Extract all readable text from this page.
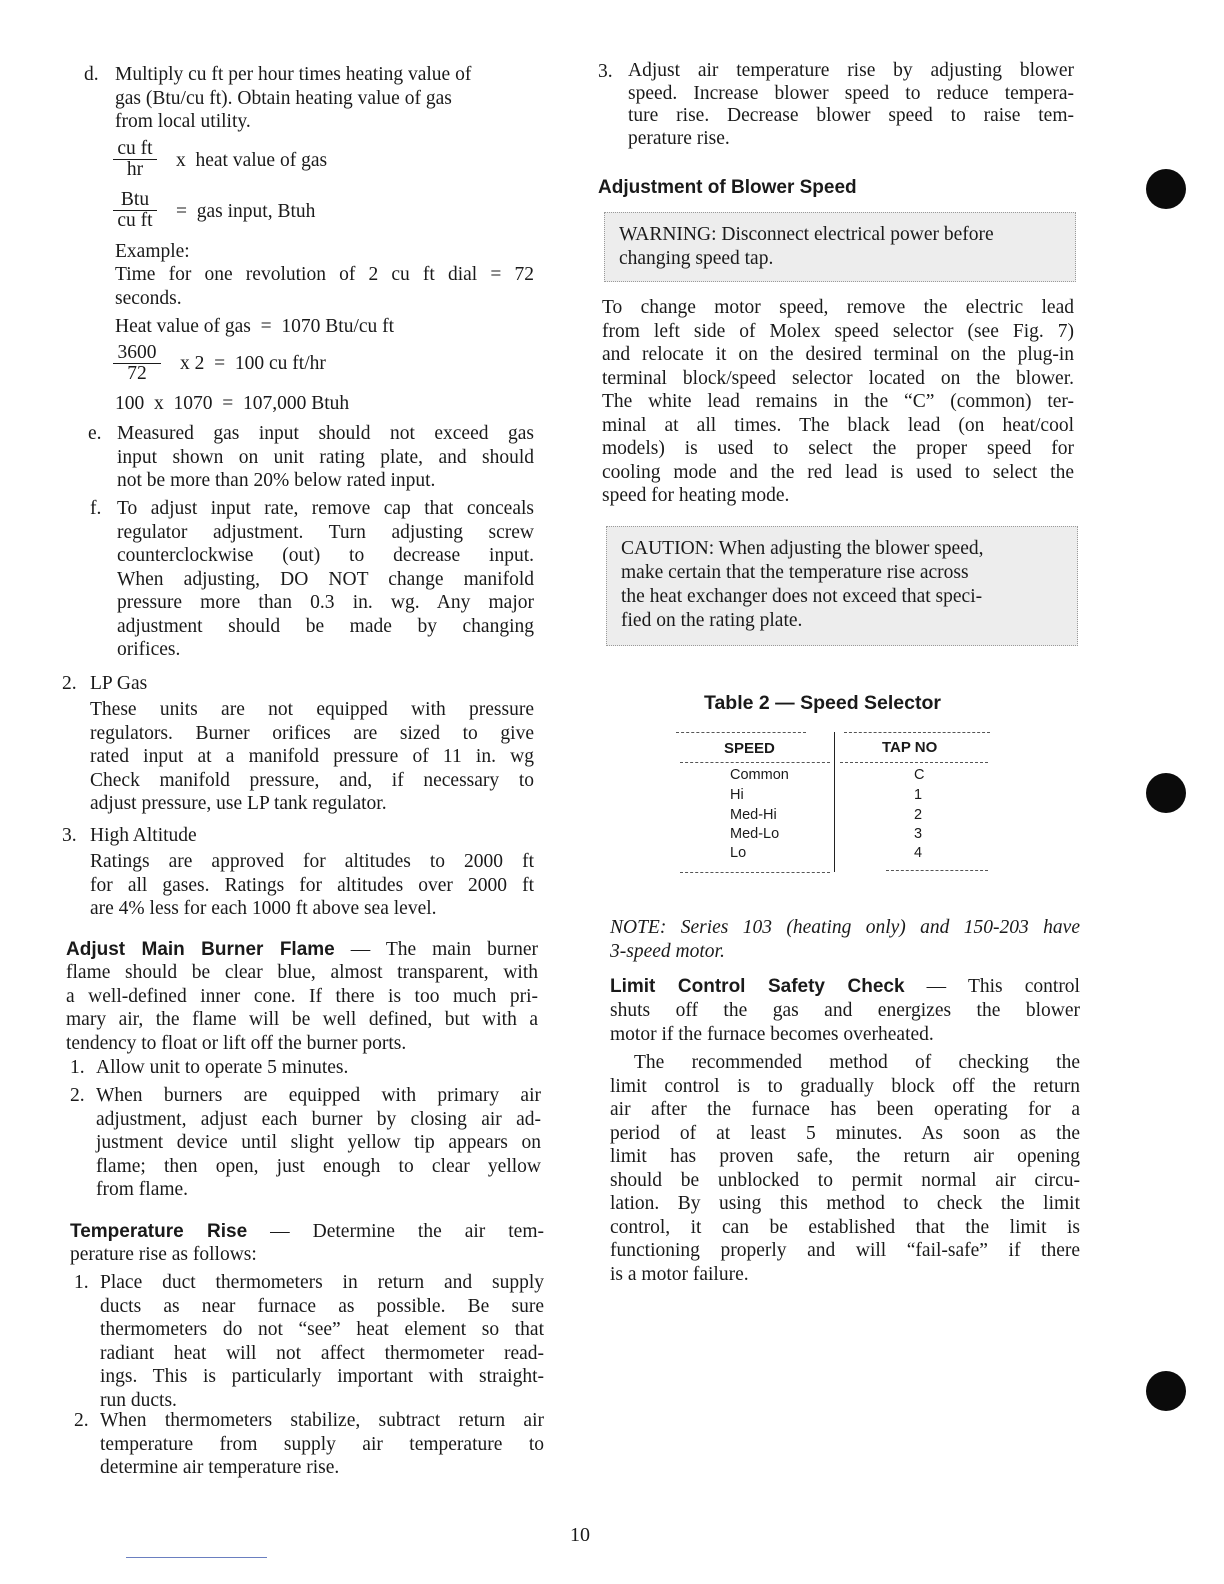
d. Multiply cu ft per hour times heating value of
gas (Btu/cu ft). Obtain heating value of gas
from local utility.
$\frac{\text{cu ft}}{hr}$ x  heat value of gas
Btu
cu ft =  gas input, Btuh
Example:
Time for one revolution of 2 cu ft dial = 72
seconds.
Heat value of gas  =  1070 Btu/cu ft
$\frac{3600}{72}$ x 2  =  100 cu ft/hr
100  x  1070  =  107,000 Btuh
e. Measured gas input should not exceed gas
input shown on unit rating plate, and should
not be more than 20% below rated input.
f. To adjust input rate, remove cap that conceals
regulator adjustment. Turn adjusting screw
counterclockwise (out) to decrease input.
When adjusting, DO NOT change manifold
pressure more than 0.3 in. wg. Any major
adjustment should be made by changing
orifices.
2. LP Gas
These units are not equipped with pressure
regulators. Burner orifices are sized to give
rated input at a manifold pressure of 11 in. wg
Check manifold pressure, and, if necessary to
adjust pressure, use LP tank regulator.
3. High Altitude
Ratings are approved for altitudes to 2000 ft
for all gases. Ratings for altitudes over 2000 ft
are 4% less for each 1000 ft above sea level.
Adjust Main Burner Flame — The main burner
flame should be clear blue, almost transparent, with
a well-defined inner cone. If there is too much pri-
mary air, the flame will be well defined, but with a
tendency to float or lift off the burner ports.
1. Allow unit to operate 5 minutes.
2. When burners are equipped with primary air
adjustment, adjust each burner by closing air ad-
justment device until slight yellow tip appears on
flame; then open, just enough to clear yellow
from flame.
Temperature Rise — Determine the air tem-
perature rise as follows:
1. Place duct thermometers in return and supply
ducts as near furnace as possible. Be sure
thermometers do not “see” heat element so that
radiant heat will not affect thermometer read-
ings. This is particularly important with straight-
run ducts.
2. When thermometers stabilize, subtract return air
temperature from supply air temperature to
determine air temperature rise.
3. Adjust air temperature rise by adjusting blower
speed. Increase blower speed to reduce tempera-
ture rise. Decrease blower speed to raise tem-
perature rise.
Adjustment of Blower Speed
WARNING: Disconnect electrical power before
changing speed tap.
To change motor speed, remove the electric lead
from left side of Molex speed selector (see Fig. 7)
and relocate it on the desired terminal on the plug-in
terminal block/speed selector located on the blower.
The white lead remains in the “C” (common) ter-
minal at all times. The black lead (on heat/cool
models) is used to select the proper speed for
cooling mode and the red lead is used to select the
speed for heating mode.
CAUTION: When adjusting the blower speed,
make certain that the temperature rise across
the heat exchanger does not exceed that speci-
fied on the rating plate.
Table 2 — Speed Selector
SPEED	TAP NO
Common	C
Hi	1
Med-Hi	2
Med-Lo	3
Lo	4
NOTE: Series 103 (heating only) and 150-203 have
3-speed motor.
Limit Control Safety Check — This control
shuts off the gas and energizes the blower
motor if the furnace becomes overheated.
The recommended method of checking the
limit control is to gradually block off the return
air after the furnace has been operating for a
period of at least 5 minutes. As soon as the
limit has proven safe, the return air opening
should be unblocked to permit normal air circu-
lation. By using this method to check the limit
control, it can be established that the limit is
functioning properly and will “fail-safe” if there
is a motor failure.
10
